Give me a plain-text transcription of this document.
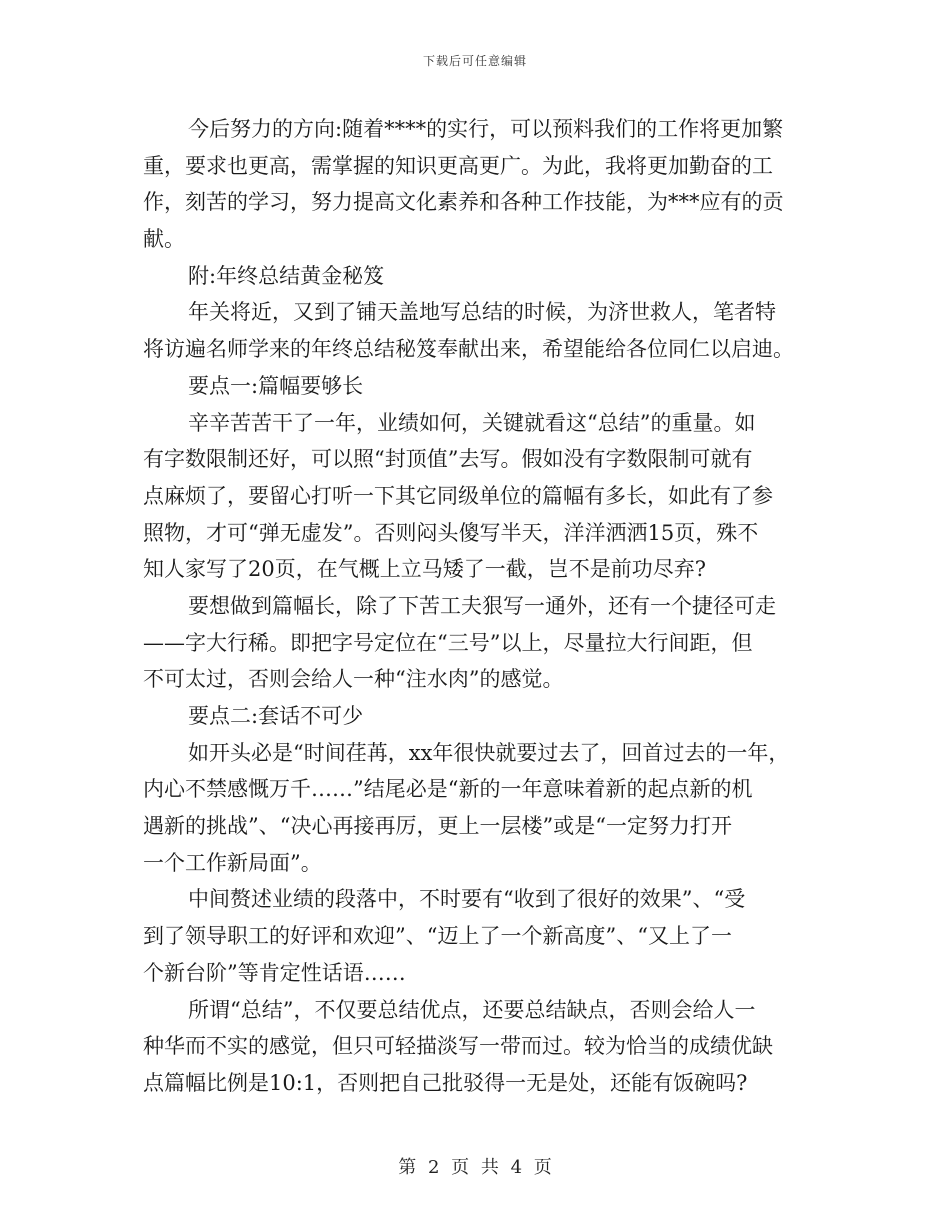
下载后可任意编辑
今后努力的方向:随着****的实行，可以预料我们的工作将更加繁
重，要求也更高，需掌握的知识更高更广。为此，我将更加勤奋的工
作，刻苦的学习，努力提高文化素养和各种工作技能，为***应有的贡
献。
附:年终总结黄金秘笈
年关将近，又到了铺天盖地写总结的时候，为济世救人，笔者特
将访遍名师学来的年终总结秘笈奉献出来，希望能给各位同仁以启迪。
要点一:篇幅要够长
辛辛苦苦干了一年，业绩如何，关键就看这“总结”的重量。如
有字数限制还好，可以照“封顶值”去写。假如没有字数限制可就有
点麻烦了，要留心打听一下其它同级单位的篇幅有多长，如此有了参
照物，才可“弹无虚发”。否则闷头傻写半天，洋洋洒洒15页，殊不
知人家写了20页，在气概上立马矮了一截，岂不是前功尽弃?
要想做到篇幅长，除了下苦工夫狠写一通外，还有一个捷径可走
——字大行稀。即把字号定位在“三号”以上，尽量拉大行间距，但
不可太过，否则会给人一种“注水肉”的感觉。
要点二:套话不可少
如开头必是“时间荏苒，xx年很快就要过去了，回首过去的一年，
内心不禁感慨万千……”结尾必是“新的一年意味着新的起点新的机
遇新的挑战”、“决心再接再厉，更上一层楼”或是“一定努力打开
一个工作新局面”。
中间赘述业绩的段落中，不时要有“收到了很好的效果”、“受
到了领导职工的好评和欢迎”、“迈上了一个新高度”、“又上了一
个新台阶”等肯定性话语……
所谓“总结”，不仅要总结优点，还要总结缺点，否则会给人一
种华而不实的感觉，但只可轻描淡写一带而过。较为恰当的成绩优缺
点篇幅比例是10:1，否则把自己批驳得一无是处，还能有饭碗吗?
第 2 页 共 4 页
